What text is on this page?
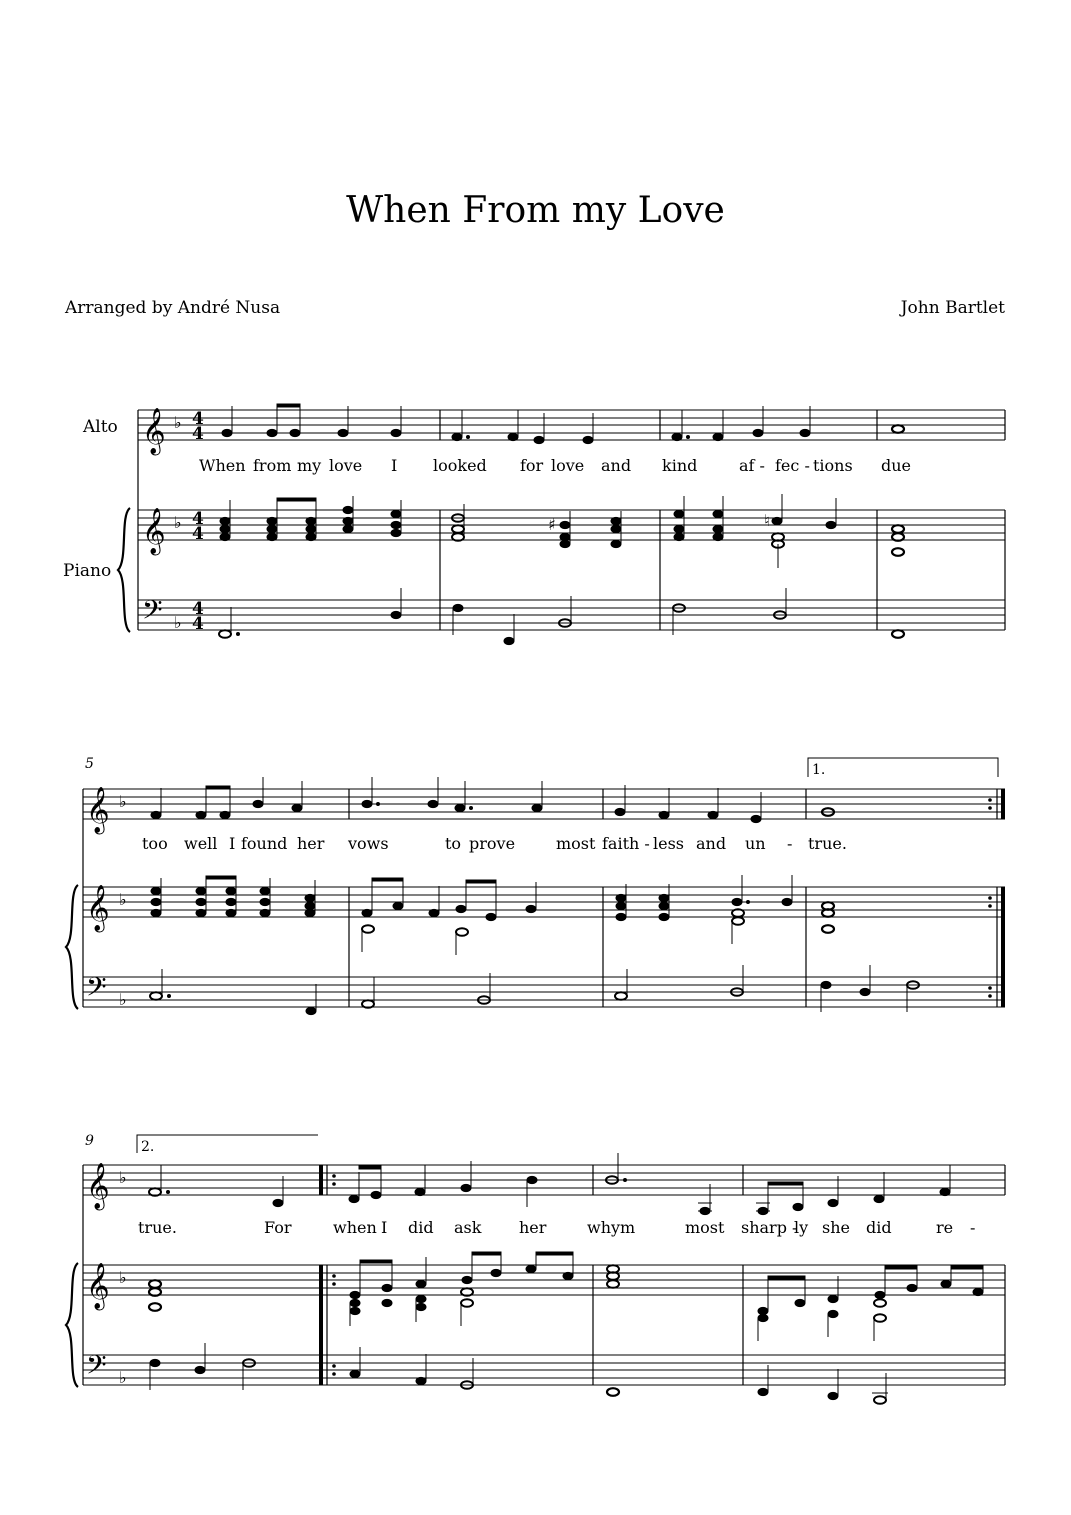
When From my Love
Arranged by André Nusa	John Bartlet
Alto
Piano
𝄞
𝄞
𝄢
♭
♭
♭
4
4
4
4
4
4
When from my love I looked for love and kind	af - fec - tions due
♯	♮
5	1.
𝄞
𝄞
𝄢
♭
♭
♭
too well I found her vows	to prove	most faith - less and un - true.
9	2.
𝄞
𝄞
𝄢
♭
♭
♭
true.	For	when I did ask her	whym	most sharp -
ly she did	re -
